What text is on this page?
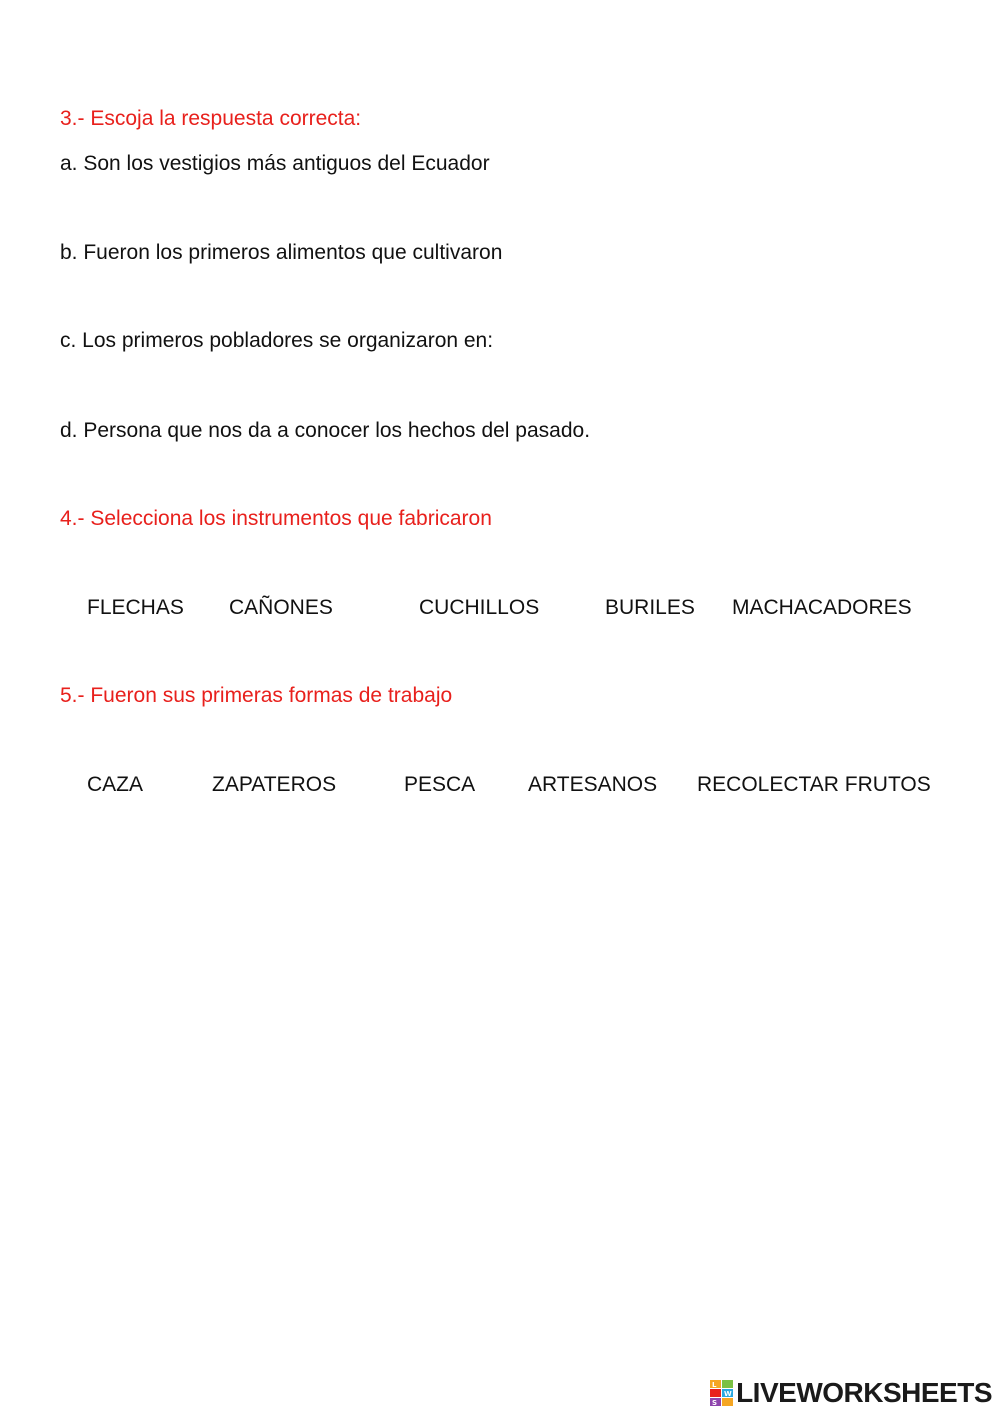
3.- Escoja la respuesta correcta:
a. Son los vestigios más antiguos del Ecuador
b. Fueron los primeros alimentos que cultivaron
c. Los primeros pobladores se organizaron en:
d. Persona que nos da a conocer los hechos del pasado.
4.- Selecciona los instrumentos que fabricaron
FLECHAS CAÑONES	CUCHILLOS	BURILES MACHACADORES
5.- Fueron sus primeras formas de trabajo
CAZA	ZAPATEROS	PESCA	ARTESANOS RECOLECTAR FRUTOS
L
W
S LIVEWORKSHEETS
